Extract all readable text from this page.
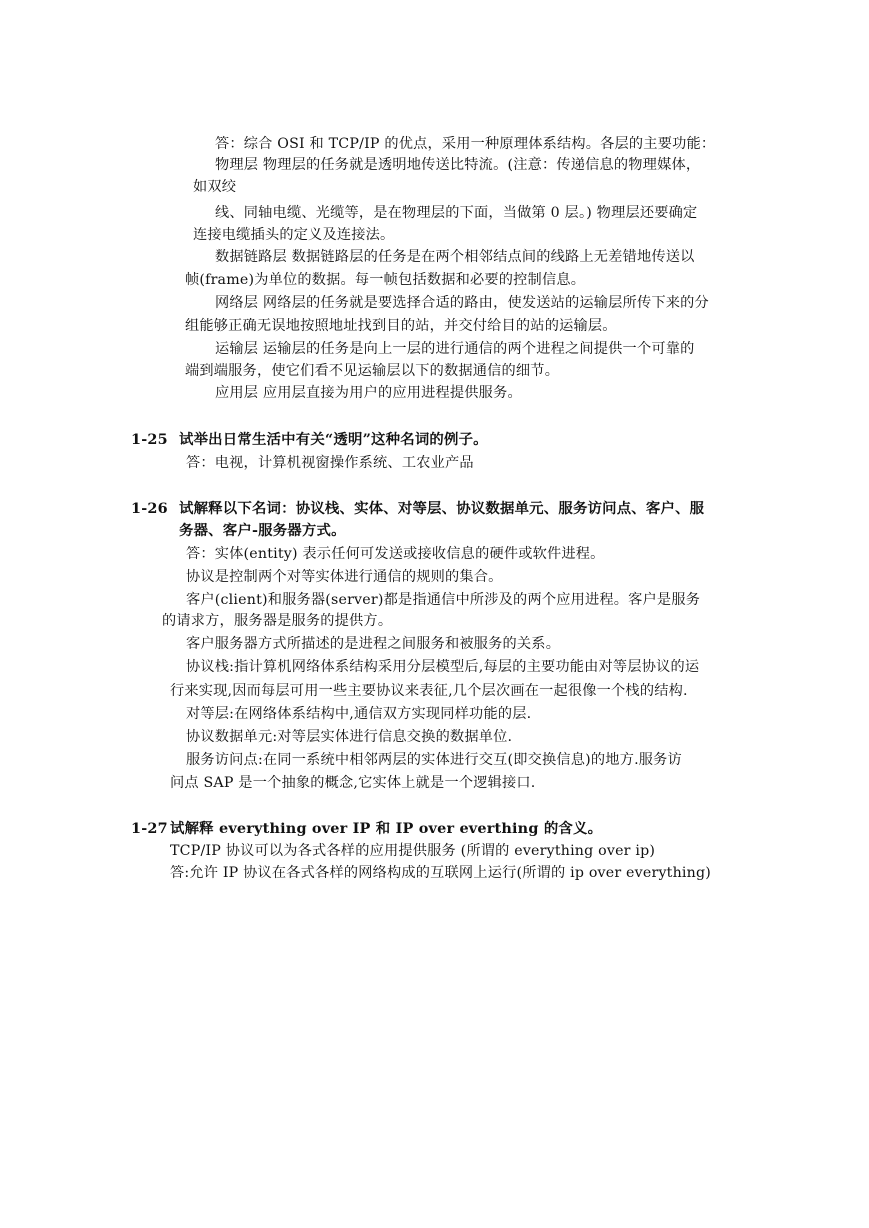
答：综合 OSI 和 TCP/IP 的优点，采用一种原理体系结构。各层的主要功能：
物理层 物理层的任务就是透明地传送比特流。(注意：传递信息的物理媒体，
如双绞
线、同轴电缆、光缆等，是在物理层的下面，当做第 0 层。) 物理层还要确定
连接电缆插头的定义及连接法。
数据链路层 数据链路层的任务是在两个相邻结点间的线路上无差错地传送以
帧(frame)为单位的数据。每一帧包括数据和必要的控制信息。
网络层 网络层的任务就是要选择合适的路由，使发送站的运输层所传下来的分
组能够正确无误地按照地址找到目的站，并交付给目的站的运输层。
运输层 运输层的任务是向上一层的进行通信的两个进程之间提供一个可靠的
端到端服务，使它们看不见运输层以下的数据通信的细节。
应用层 应用层直接为用户的应用进程提供服务。
1-25 试举出日常生活中有关“透明”这种名词的例子。
答：电视，计算机视窗操作系统、工农业产品
1-26 试解释以下名词：协议栈、实体、对等层、协议数据单元、服务访问点、客户、服
务器、客户-服务器方式。
答：实体(entity) 表示任何可发送或接收信息的硬件或软件进程。
协议是控制两个对等实体进行通信的规则的集合。
客户(client)和服务器(server)都是指通信中所涉及的两个应用进程。客户是服务
的请求方，服务器是服务的提供方。
客户服务器方式所描述的是进程之间服务和被服务的关系。
协议栈:指计算机网络体系结构采用分层模型后,每层的主要功能由对等层协议的运
行来实现,因而每层可用一些主要协议来表征,几个层次画在一起很像一个栈的结构.
对等层:在网络体系结构中,通信双方实现同样功能的层.
协议数据单元:对等层实体进行信息交换的数据单位.
服务访问点:在同一系统中相邻两层的实体进行交互(即交换信息)的地方.服务访
问点 SAP 是一个抽象的概念,它实体上就是一个逻辑接口.
1-27 试解释 everything over IP 和 IP over everthing 的含义。
TCP/IP 协议可以为各式各样的应用提供服务 (所谓的 everything over ip)
答:允许 IP 协议在各式各样的网络构成的互联网上运行(所谓的 ip over everything)
